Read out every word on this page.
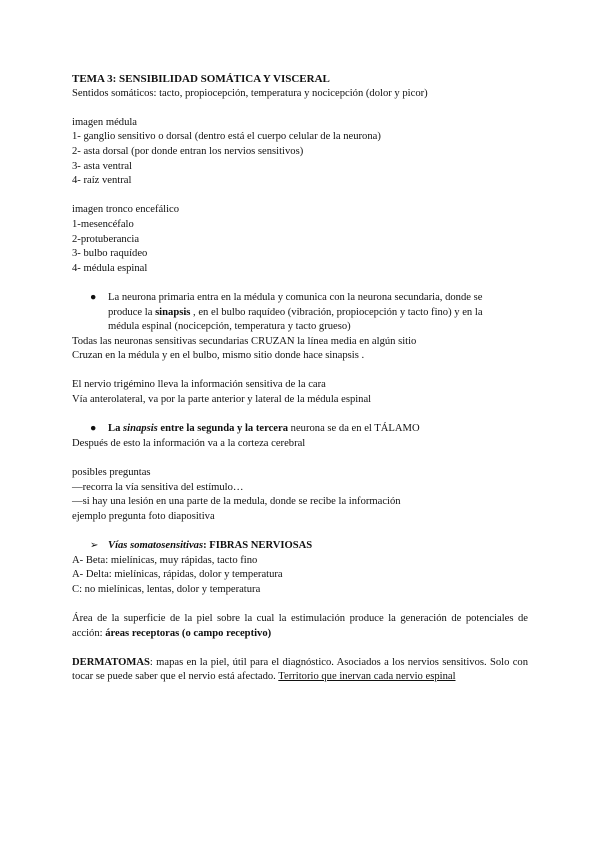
TEMA 3: SENSIBILIDAD SOMÁTICA Y VISCERAL
Sentidos somáticos: tacto, propiocepción, temperatura y nocicepción (dolor y picor)
imagen médula
1- ganglio sensitivo o dorsal (dentro está el cuerpo celular de la neurona)
2- asta dorsal (por donde entran los nervios sensitivos)
3- asta ventral
4- raíz ventral
imagen tronco encefálico
1-mesencéfalo
2-protuberancia
3- bulbo raquídeo
4- médula espinal
● La neurona primaria entra en la médula y comunica con la neurona secundaria, donde se
produce la sinapsis , en el bulbo raquídeo (vibración, propiocepción y tacto fino) y en la
médula espinal (nocicepción, temperatura y tacto grueso)
Todas las neuronas sensitivas secundarias CRUZAN la línea media en algún sitio
Cruzan en la médula y en el bulbo, mismo sitio donde hace sinapsis .
El nervio trigémino lleva la información sensitiva de la cara
Vía anterolateral, va por la parte anterior y lateral de la médula espinal
● La sinapsis entre la segunda y la tercera neurona se da en el TÁLAMO
Después de esto la información va a la corteza cerebral
posibles preguntas
—recorra la vía sensitiva del estímulo…
—si hay una lesión en una parte de la medula, donde se recibe la información
ejemplo pregunta foto diapositiva
➢ Vías somatosensitivas: FIBRAS NERVIOSAS
A- Beta: mielínicas, muy rápidas, tacto fino
A- Delta: mielínicas, rápidas, dolor y temperatura
C: no mielínicas, lentas, dolor y temperatura
Área de la superficie de la piel sobre la cual la estimulación produce la generación de potenciales de acción: áreas receptoras (o campo receptivo)
DERMATOMAS: mapas en la piel, útil para el diagnóstico. Asociados a los nervios sensitivos. Solo con tocar se puede saber que el nervio está afectado. Territorio que inervan cada nervio espinal
